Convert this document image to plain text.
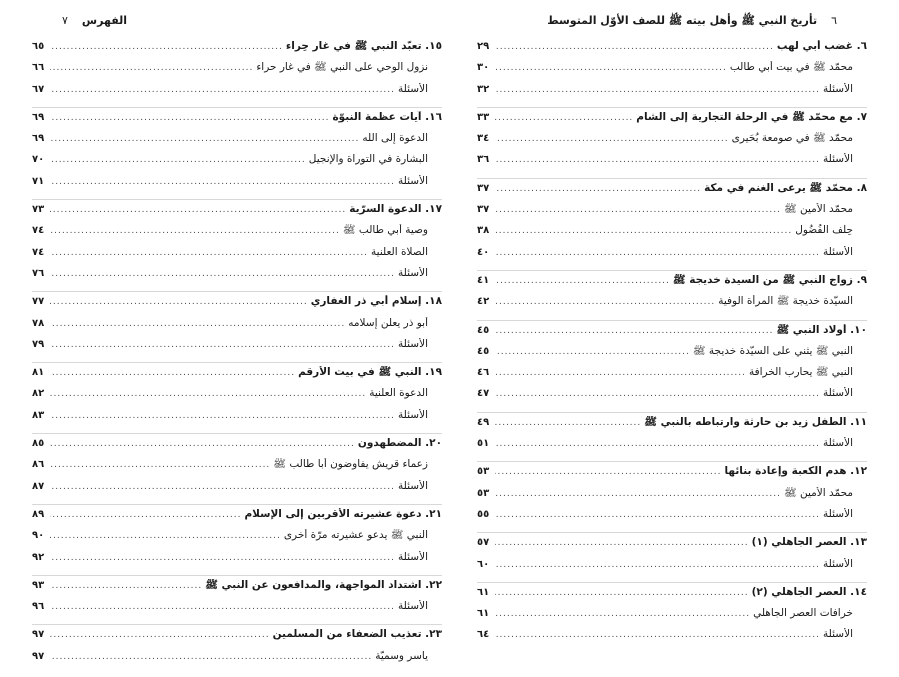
الفهرس٧
١٥. تعبّد النبي ﷺ في غار حِراء
.....
٦٥
نزول الوحي على النبي ﷺ في غار حراء
.....
٦٦
الأسئلة
.....
٦٧
١٦. آيات عظمة النبوّة
.....
٦٩
الدعوة إلى الله
.....
٦٩
البشارة في التوراة والإنجيل
.....
٧٠
الأسئلة
.....
٧١
١٧. الدعوة السرّية
.....
٧٣
وصية أبي طالب ﷺ
.....
٧٤
الصلاة العلنية
.....
٧٤
الأسئلة
.....
٧٦
١٨. إسلام أبي ذر الغفاري
.....
٧٧
أبو ذر يعلن إسلامه
.....
٧٨
الأسئلة
.....
٧٩
١٩. النبي ﷺ في بيت الأرقم
.....
٨١
الدعوة العلنية
.....
٨٢
الأسئلة
.....
٨٣
٢٠. المضطهدون
.....
٨٥
زعماء قريش يفاوضون أبا طالب ﷺ
.....
٨٦
الأسئلة
.....
٨٧
٢١. دعوة عشيرته الأقربين إلى الإسلام
.....
٨٩
النبي ﷺ يدعو عشيرته مرّة أخرى
.....
٩٠
الأسئلة
.....
٩٢
٢٢. اشتداد المواجهة، والمدافعون عن النبي ﷺ
.....
٩٣
الأسئلة
.....
٩٦
٢٣. تعذيب الضعفاء من المسلمين
.....
٩٧
ياسر وسميّة
.....
٩٧
٦تأريخ النبي ﷺ وأهل بيته ﷺ للصف الأوّل المتوسط
٦. غضب أبي لهب
.....
٢٩
محمّد ﷺ في بيت أبي طالب
.....
٣٠
الأسئلة
.....
٣٢
٧. مع محمّد ﷺ في الرحلة التجارية إلى الشام
.....
٣٣
محمّد ﷺ في صومعة بُحَيرى
.....
٣٤
الأسئلة
.....
٣٦
٨. محمّد ﷺ يرعى الغنم في مكة
.....
٣٧
محمّد الأمين ﷺ
.....
٣٧
حِلْف الفُضُول
.....
٣٨
الأسئلة
.....
٤٠
٩. زواج النبي ﷺ من السيدة خديجة ﷺ
.....
٤١
السيّدة خديجة ﷺ المرأة الوفية
.....
٤٢
١٠. أولاد النبي ﷺ
.....
٤٥
النبي ﷺ يثني على السيّدة خديجة ﷺ
.....
٤٥
النبي ﷺ يحارب الخرافة
.....
٤٦
الأسئلة
.....
٤٧
١١. الطفل زيد بن حارثة وارتباطه بالنبي ﷺ
.....
٤٩
الأسئلة
.....
٥١
١٢. هدم الكعبة وإعادة بنائها
.....
٥٣
محمّد الأمين ﷺ
.....
٥٣
الأسئلة
.....
٥٥
١٣. العصر الجاهلي (١)
.....
٥٧
الأسئلة
.....
٦٠
١٤. العصر الجاهلي (٢)
.....
٦١
خرافات العصر الجاهلي
.....
٦١
الأسئلة
.....
٦٤
